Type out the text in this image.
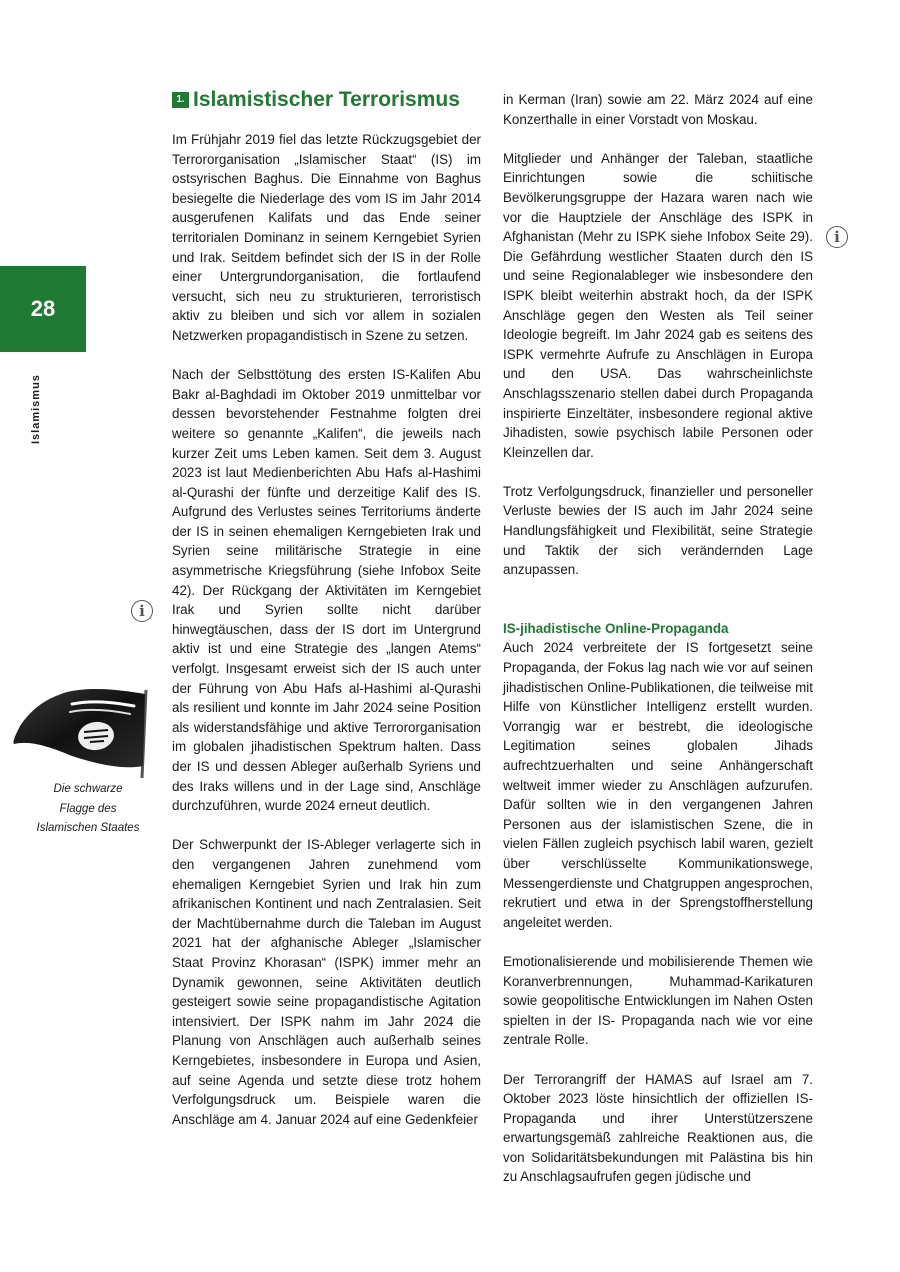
28
Islamismus
i
i
Die schwarze
Flagge des
Islamischen Staates
1. Islamistischer Terrorismus

Im Frühjahr 2019 fiel das letzte Rückzugsgebiet der Terrororganisation „Islamischer Staat“ (IS) im ostsyrischen Baghus. Die Einnahme von Baghus besiegelte die Niederlage des vom IS im Jahr 2014 ausgerufenen Kalifats und das Ende seiner territorialen Dominanz in seinem Kerngebiet Syrien und Irak. Seitdem befindet sich der IS in der Rolle einer Untergrundorganisation, die fortlaufend versucht, sich neu zu strukturieren, terroristisch aktiv zu bleiben und sich vor allem in sozialen Netzwerken propagandistisch in Szene zu setzen.

Nach der Selbsttötung des ersten IS-Kalifen Abu Bakr al-Baghdadi im Oktober 2019 unmittelbar vor dessen bevorstehender Festnahme folgten drei weitere so genannte „Kalifen“, die jeweils nach kurzer Zeit ums Leben kamen. Seit dem 3. August 2023 ist laut Medienberichten Abu Hafs al-Hashimi al-Qurashi der fünfte und derzeitige Kalif des IS. Aufgrund des Verlustes seines Territoriums änderte der IS in seinen ehemaligen Kerngebieten Irak und Syrien seine militärische Strategie in eine asymmetrische Kriegsführung (siehe Infobox Seite 42). Der Rückgang der Aktivitäten im Kerngebiet Irak und Syrien sollte nicht darüber hinwegtäuschen, dass der IS dort im Untergrund aktiv ist und eine Strategie des „langen Atems“ verfolgt. Insgesamt erweist sich der IS auch unter der Führung von Abu Hafs al-Hashimi al-Qurashi als resilient und konnte im Jahr 2024 seine Position als widerstandsfähige und aktive Terrororganisation im globalen jihadistischen Spektrum halten. Dass der IS und dessen Ableger außerhalb Syriens und des Iraks willens und in der Lage sind, Anschläge durchzuführen, wurde 2024 erneut deutlich.

Der Schwerpunkt der IS-Ableger verlagerte sich in den vergangenen Jahren zunehmend vom ehemaligen Kerngebiet Syrien und Irak hin zum afrikanischen Kontinent und nach Zentralasien. Seit der Machtübernahme durch die Taleban im August 2021 hat der afghanische Ableger „Islamischer Staat Provinz Khorasan“ (ISPK) immer mehr an Dynamik gewonnen, seine Aktivitäten deutlich gesteigert sowie seine propagandistische Agitation intensiviert. Der ISPK nahm im Jahr 2024 die Planung von Anschlägen auch außerhalb seines Kerngebietes, insbesondere in Europa und Asien, auf seine Agenda und setzte diese trotz hohem Verfolgungsdruck um. Beispiele waren die Anschläge am 4. Januar 2024 auf eine Gedenkfeier

in Kerman (Iran) sowie am 22. März 2024 auf eine Konzerthalle in einer Vorstadt von Moskau.

Mitglieder und Anhänger der Taleban, staatliche Einrichtungen sowie die schiitische Bevölkerungsgruppe der Hazara waren nach wie vor die Hauptziele der Anschläge des ISPK in Afghanistan (Mehr zu ISPK siehe Infobox Seite 29). Die Gefährdung westlicher Staaten durch den IS und seine Regionalableger wie insbesondere den ISPK bleibt weiterhin abstrakt hoch, da der ISPK Anschläge gegen den Westen als Teil seiner Ideologie begreift. Im Jahr 2024 gab es seitens des ISPK vermehrte Aufrufe zu Anschlägen in Europa und den USA. Das wahrscheinlichste Anschlagsszenario stellen dabei durch Propaganda inspirierte Einzeltäter, insbesondere regional aktive Jihadisten, sowie psychisch labile Personen oder Kleinzellen dar.

Trotz Verfolgungsdruck, finanzieller und personeller Verluste bewies der IS auch im Jahr 2024 seine Handlungsfähigkeit und Flexibilität, seine Strategie und Taktik der sich verändernden Lage anzupassen.

IS-jihadistische Online-Propaganda

Auch 2024 verbreitete der IS fortgesetzt seine Propaganda, der Fokus lag nach wie vor auf seinen jihadistischen Online-Publikationen, die teilweise mit Hilfe von Künstlicher Intelligenz erstellt wurden. Vorrangig war er bestrebt, die ideologische Legitimation seines globalen Jihads aufrechtzuerhalten und seine Anhängerschaft weltweit immer wieder zu Anschlägen aufzurufen. Dafür sollten wie in den vergangenen Jahren Personen aus der islamistischen Szene, die in vielen Fällen zugleich psychisch labil waren, gezielt über verschlüsselte Kommunikationswege, Messengerdienste und Chatgruppen angesprochen, rekrutiert und etwa in der Sprengstoffherstellung angeleitet werden.

Emotionalisierende und mobilisierende Themen wie Koranverbrennungen, Muhammad-Karikaturen sowie geopolitische Entwicklungen im Nahen Osten spielten in der IS- Propaganda nach wie vor eine zentrale Rolle.

Der Terrorangriff der HAMAS auf Israel am 7. Oktober 2023 löste hinsichtlich der offiziellen IS-Propaganda und ihrer Unterstützerszene erwartungsgemäß zahlreiche Reaktionen aus, die von Solidaritätsbekundungen mit Palästina bis hin zu Anschlagsaufrufen gegen jüdische und
